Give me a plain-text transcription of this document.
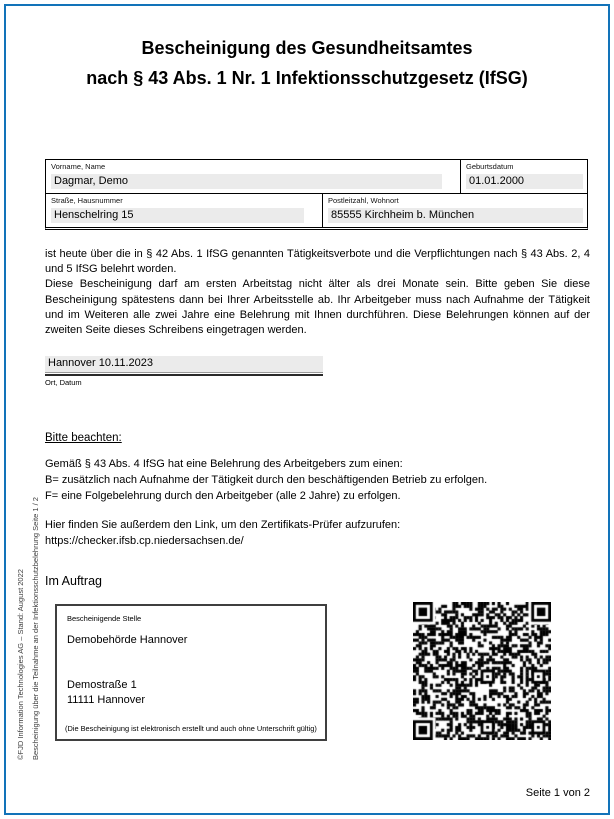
Bescheinigung des Gesundheitsamtes
nach § 43 Abs. 1 Nr. 1 Infektionsschutzgesetz (IfSG)
Vorname, Name
Dagmar, Demo
Geburtsdatum
01.01.2000
Straße, Hausnummer
Henschelring 15
Postleitzahl, Wohnort
85555 Kirchheim b. München

ist heute über die in § 42 Abs. 1 IfSG genannten Tätigkeitsverbote und die Verpflichtungen nach § 43 Abs. 2, 4 und 5 IfSG belehrt worden.

Diese Bescheinigung darf am ersten Arbeitstag nicht älter als drei Monate sein. Bitte geben Sie diese Bescheinigung spätestens dann bei Ihrer Arbeitsstelle ab. Ihr Arbeitgeber muss nach Aufnahme der Tätigkeit und im Weiteren alle zwei Jahre eine Belehrung mit Ihnen durchführen. Diese Belehrungen können auf der zweiten Seite dieses Schreibens eingetragen werden.

Hannover 10.11.2023
Ort, Datum
Bitte beachten:
Gemäß § 43 Abs. 4 IfSG hat eine Belehrung des Arbeitgebers zum einen:
B= zusätzlich nach Aufnahme der Tätigkeit durch den beschäftigenden Betrieb zu erfolgen.
F= eine Folgebelehrung durch den Arbeitgeber (alle 2 Jahre) zu erfolgen.
Hier finden Sie außerdem den Link, um den Zertifikats-Prüfer aufzurufen:
https://checker.ifsb.cp.niedersachsen.de/
Im Auftrag
Bescheinigende Stelle
Demobehörde Hannover
Demostraße 1
11111 Hannover
(Die Bescheinigung ist elektronisch erstellt und auch ohne Unterschrift gültig)
©FJD Information Technologies AG – Stand: August 2022 Bescheinigung über die Teilnahme an der Infektionsschutzbelehrung Seite 1 / 2
Seite 1 von 2
